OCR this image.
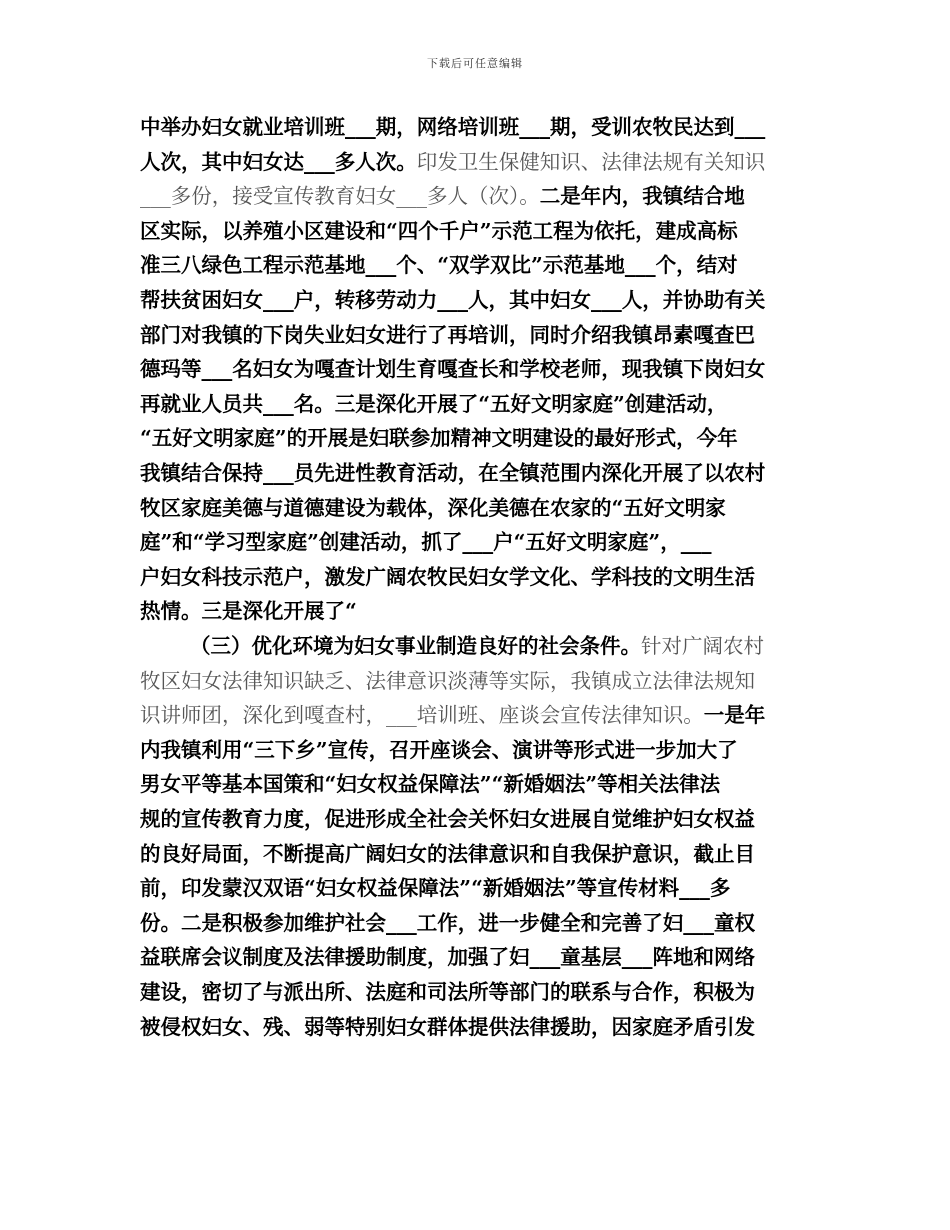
下载后可任意编辑
中举办妇女就业培训班___期，网络培训班___期，受训农牧民达到___
人次，其中妇女达___多人次。印发卫生保健知识、法律法规有关知识
___多份，接受宣传教育妇女___多人（次）。二是年内，我镇结合地
区实际，以养殖小区建设和“四个千户”示范工程为依托，建成高标
准三八绿色工程示范基地___个、“双学双比”示范基地___个，结对
帮扶贫困妇女___户，转移劳动力___人，其中妇女___人，并协助有关
部门对我镇的下岗失业妇女进行了再培训，同时介绍我镇昂素嘎查巴
德玛等___名妇女为嘎查计划生育嘎查长和学校老师，现我镇下岗妇女
再就业人员共___名。三是深化开展了“五好文明家庭”创建活动，
“五好文明家庭”的开展是妇联参加精神文明建设的最好形式，今年
我镇结合保持___员先进性教育活动，在全镇范围内深化开展了以农村
牧区家庭美德与道德建设为载体，深化美德在农家的“五好文明家
庭”和“学习型家庭”创建活动，抓了___户“五好文明家庭”，___
户妇女科技示范户，激发广阔农牧民妇女学文化、学科技的文明生活
热情。三是深化开展了“
（三）优化环境为妇女事业制造良好的社会条件。针对广阔农村
牧区妇女法律知识缺乏、法律意识淡薄等实际，我镇成立法律法规知
识讲师团，深化到嘎查村，___培训班、座谈会宣传法律知识。一是年
内我镇利用“三下乡”宣传，召开座谈会、演讲等形式进一步加大了
男女平等基本国策和“妇女权益保障法”“新婚姻法”等相关法律法
规的宣传教育力度，促进形成全社会关怀妇女进展自觉维护妇女权益
的良好局面，不断提高广阔妇女的法律意识和自我保护意识，截止目
前，印发蒙汉双语“妇女权益保障法”“新婚姻法”等宣传材料___多
份。二是积极参加维护社会___工作，进一步健全和完善了妇___童权
益联席会议制度及法律援助制度，加强了妇___童基层___阵地和网络
建设，密切了与派出所、法庭和司法所等部门的联系与合作，积极为
被侵权妇女、残、弱等特别妇女群体提供法律援助，因家庭矛盾引发
